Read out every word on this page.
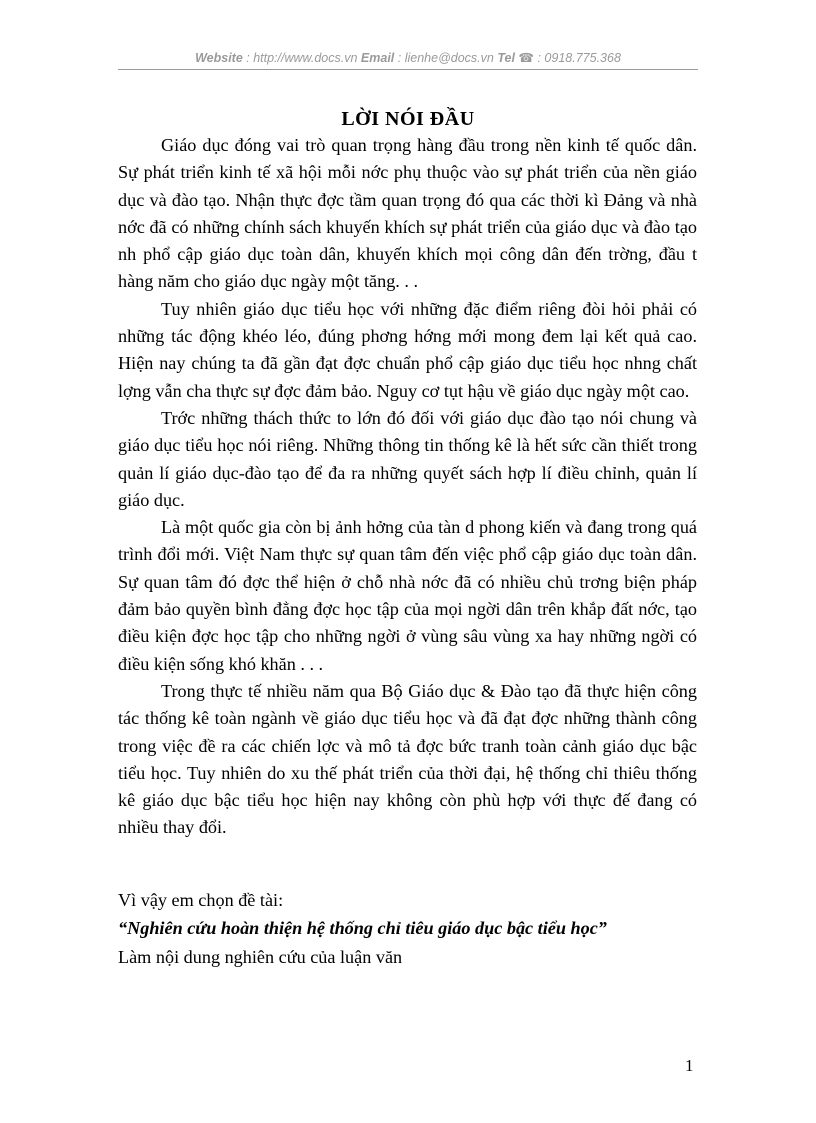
Website : http://www.docs.vn Email : lienhe@docs.vn Tel ☎ : 0918.775.368
LỜI NÓI ĐẦU

Giáo dục đóng vai trò quan trọng hàng đầu trong nền kinh tế quốc dân. Sự phát triển kinh tế xã hội mỗi nớc phụ thuộc vào sự phát triển của nền giáo dục và đào tạo. Nhận thực đợc tầm quan trọng đó qua các thời kì Đảng và nhà nớc đã có những chính sách khuyến khích sự phát triển của giáo dục và đào tạo nh phổ cập giáo dục toàn dân, khuyến khích mọi công dân đến trờng, đầu t hàng năm cho giáo dục ngày một tăng. . .

Tuy nhiên giáo dục tiểu học với những đặc điểm riêng đòi hỏi phải có những tác động khéo léo, đúng phơng hớng mới mong đem lại kết quả cao. Hiện nay chúng ta đã gần đạt đợc chuẩn phổ cập giáo dục tiểu học nhng chất lợng vẫn cha thực sự đợc đảm bảo. Nguy cơ tụt hậu về giáo dục ngày một cao.

Trớc những thách thức to lớn đó đối với giáo dục đào tạo nói chung và giáo dục tiểu học nói riêng. Những thông tin thống kê là hết sức cần thiết trong quản lí giáo dục-đào tạo để đa ra những quyết sách hợp lí điều chỉnh, quản lí giáo dục.

Là một quốc gia còn bị ảnh hởng của tàn d phong kiến và đang trong quá trình đổi mới. Việt Nam thực sự quan tâm đến việc phổ cập giáo dục toàn dân. Sự quan tâm đó đợc thể hiện ở chỗ nhà nớc đã có nhiều chủ trơng biện pháp đảm bảo quyền bình đẳng đợc học tập của mọi ngời dân trên khắp đất nớc, tạo điều kiện đợc học tập cho những ngời ở vùng sâu vùng xa hay những ngời có điều kiện sống khó khăn . . .

Trong thực tế nhiều năm qua Bộ Giáo dục & Đào tạo đã thực hiện công tác thống kê toàn ngành về giáo dục tiểu học và đã đạt đợc những thành công trong việc đề ra các chiến lợc và mô tả đợc bức tranh toàn cảnh giáo dục bậc tiểu học. Tuy nhiên do xu thế phát triển của thời đại, hệ thống chỉ thiêu thống kê giáo dục bậc tiểu học hiện nay không còn phù hợp với thực đế đang có nhiều thay đổi.

Vì vậy em chọn đề tài:
“Nghiên cứu hoàn thiện hệ thống chỉ tiêu giáo dục bậc tiểu học”
Làm nội dung nghiên cứu của luận văn
1
